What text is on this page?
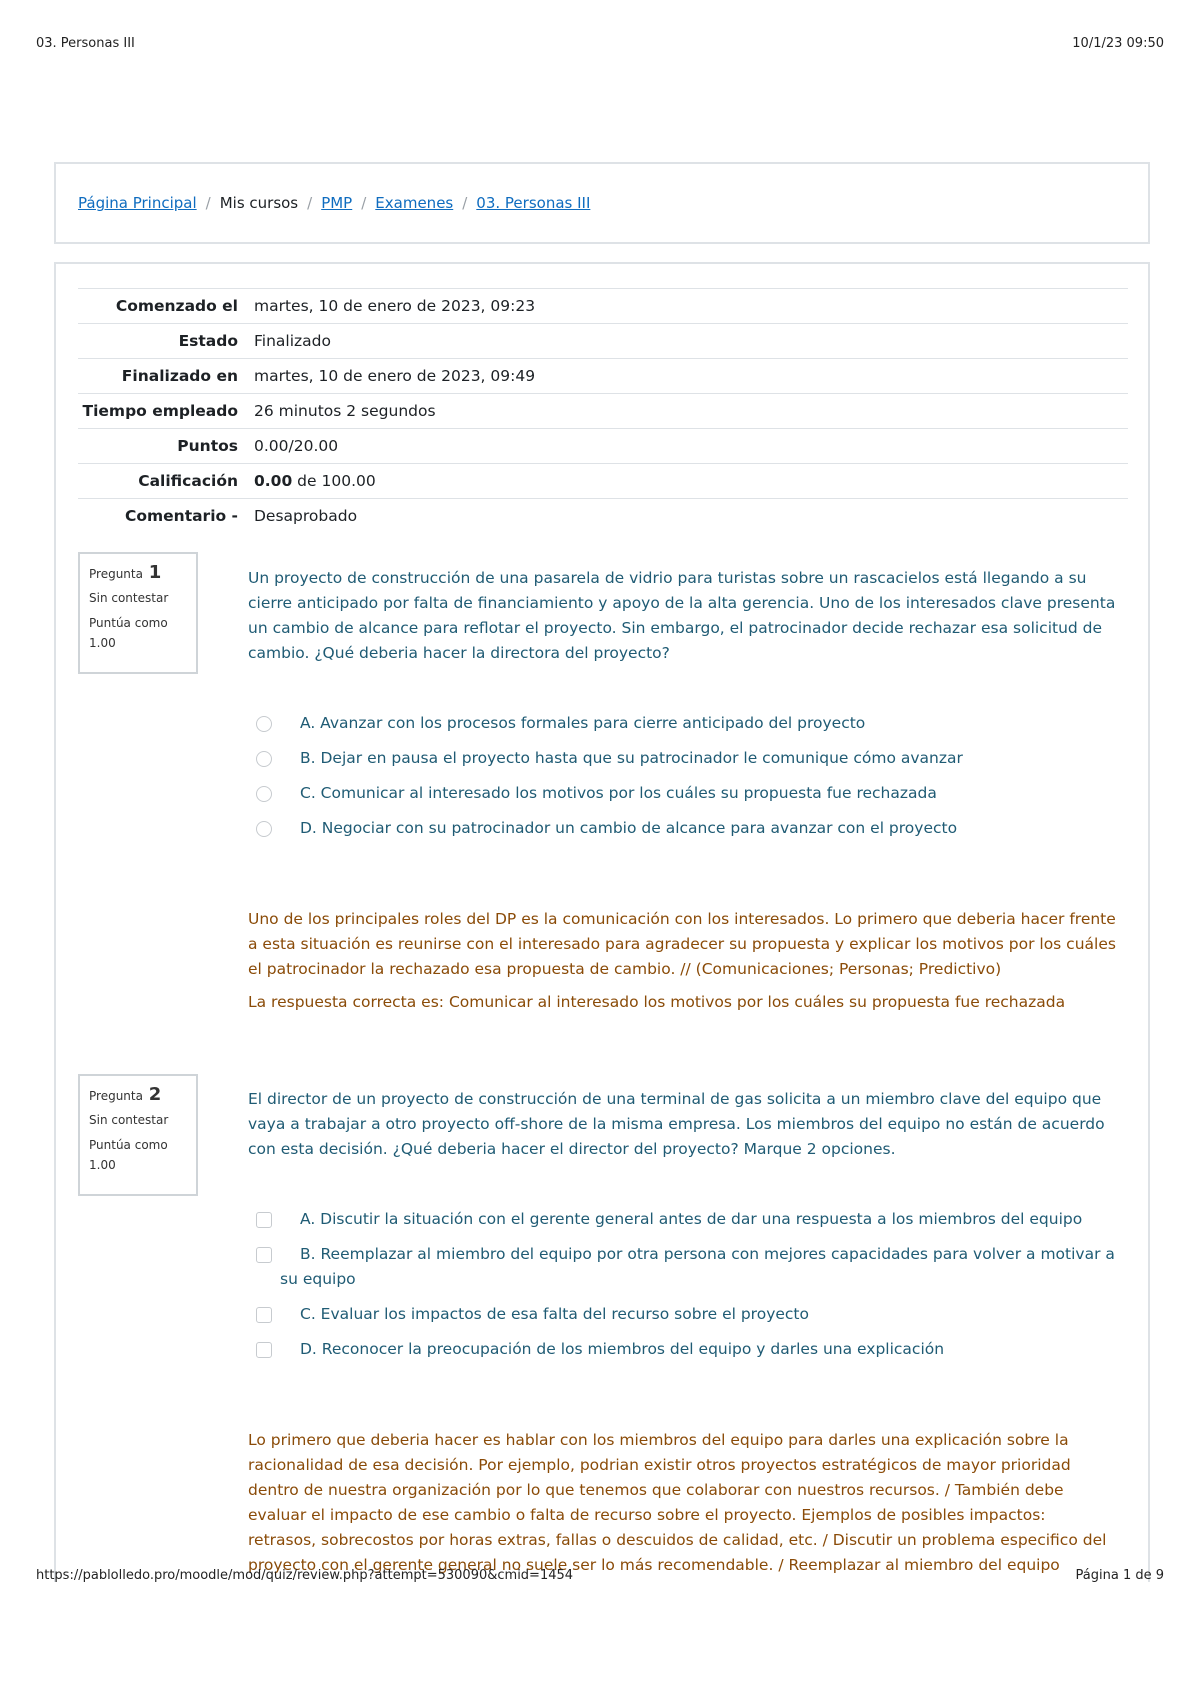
03. Personas III	10/1/23 09:50
Página Principal / Mis cursos / PMP / Examenes / 03. Personas III
Comenzado el	martes, 10 de enero de 2023, 09:23
Estado	Finalizado
Finalizado en	martes, 10 de enero de 2023, 09:49
Tiempo empleado	26 minutos 2 segundos
Puntos	0.00/20.00
Calificación	0.00 de 100.00
Comentario -	Desaprobado
Pregunta 1
Sin contestar
Puntúa como 1.00
Un proyecto de construcción de una pasarela de vidrio para turistas sobre un rascacielos está llegando a su cierre anticipado por falta de financiamiento y apoyo de la alta gerencia. Uno de los interesados clave presenta un cambio de alcance para reflotar el proyecto. Sin embargo, el patrocinador decide rechazar esa solicitud de cambio. ¿Qué deberia hacer la directora del proyecto?
A. Avanzar con los procesos formales para cierre anticipado del proyecto
B. Dejar en pausa el proyecto hasta que su patrocinador le comunique cómo avanzar
C. Comunicar al interesado los motivos por los cuáles su propuesta fue rechazada
D. Negociar con su patrocinador un cambio de alcance para avanzar con el proyecto

Uno de los principales roles del DP es la comunicación con los interesados. Lo primero que deberia hacer frente a esta situación es reunirse con el interesado para agradecer su propuesta y explicar los motivos por los cuáles el patrocinador la rechazado esa propuesta de cambio. // (Comunicaciones; Personas; Predictivo)

La respuesta correcta es: Comunicar al interesado los motivos por los cuáles su propuesta fue rechazada

Pregunta 2
Sin contestar
Puntúa como 1.00
El director de un proyecto de construcción de una terminal de gas solicita a un miembro clave del equipo que vaya a trabajar a otro proyecto off-shore de la misma empresa. Los miembros del equipo no están de acuerdo con esta decisión. ¿Qué deberia hacer el director del proyecto? Marque 2 opciones.
A. Discutir la situación con el gerente general antes de dar una respuesta a los miembros del equipo
B. Reemplazar al miembro del equipo por otra persona con mejores capacidades para volver a motivar a su equipo
C. Evaluar los impactos de esa falta del recurso sobre el proyecto
D. Reconocer la preocupación de los miembros del equipo y darles una explicación

Lo primero que deberia hacer es hablar con los miembros del equipo para darles una explicación sobre la racionalidad de esa decisión. Por ejemplo, podrian existir otros proyectos estratégicos de mayor prioridad dentro de nuestra organización por lo que tenemos que colaborar con nuestros recursos. / También debe evaluar el impacto de ese cambio o falta de recurso sobre el proyecto. Ejemplos de posibles impactos: retrasos, sobrecostos por horas extras, fallas o descuidos de calidad, etc. / Discutir un problema especifico del proyecto con el gerente general no suele ser lo más recomendable. / Reemplazar al miembro del equipo

https://pablolledo.pro/moodle/mod/quiz/review.php?attempt=530090&cmid=1454	Página 1 de 9
